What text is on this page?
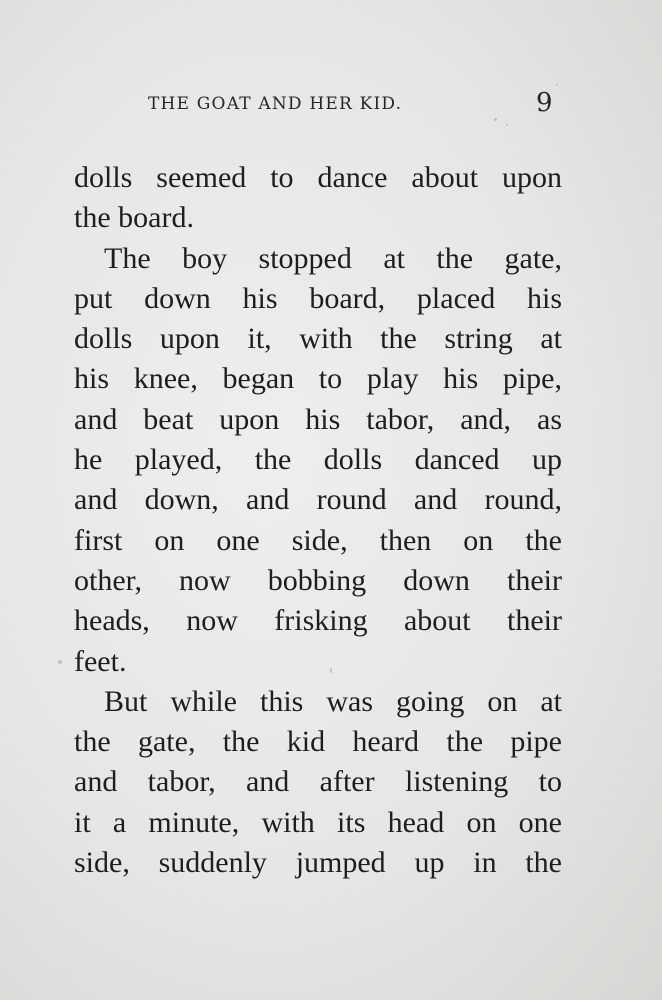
THE GOAT AND HER KID.	9
dolls seemed to dance about upon
the board.
The boy stopped at the gate,
put down his board, placed his
dolls upon it, with the string at
his knee, began to play his pipe,
and beat upon his tabor, and, as
he played, the dolls danced up
and down, and round and round,
first on one side, then on the
other, now bobbing down their
heads, now frisking about their
feet.
But while this was going on at
the gate, the kid heard the pipe
and tabor, and after listening to
it a minute, with its head on one
side, suddenly jumped up in the
